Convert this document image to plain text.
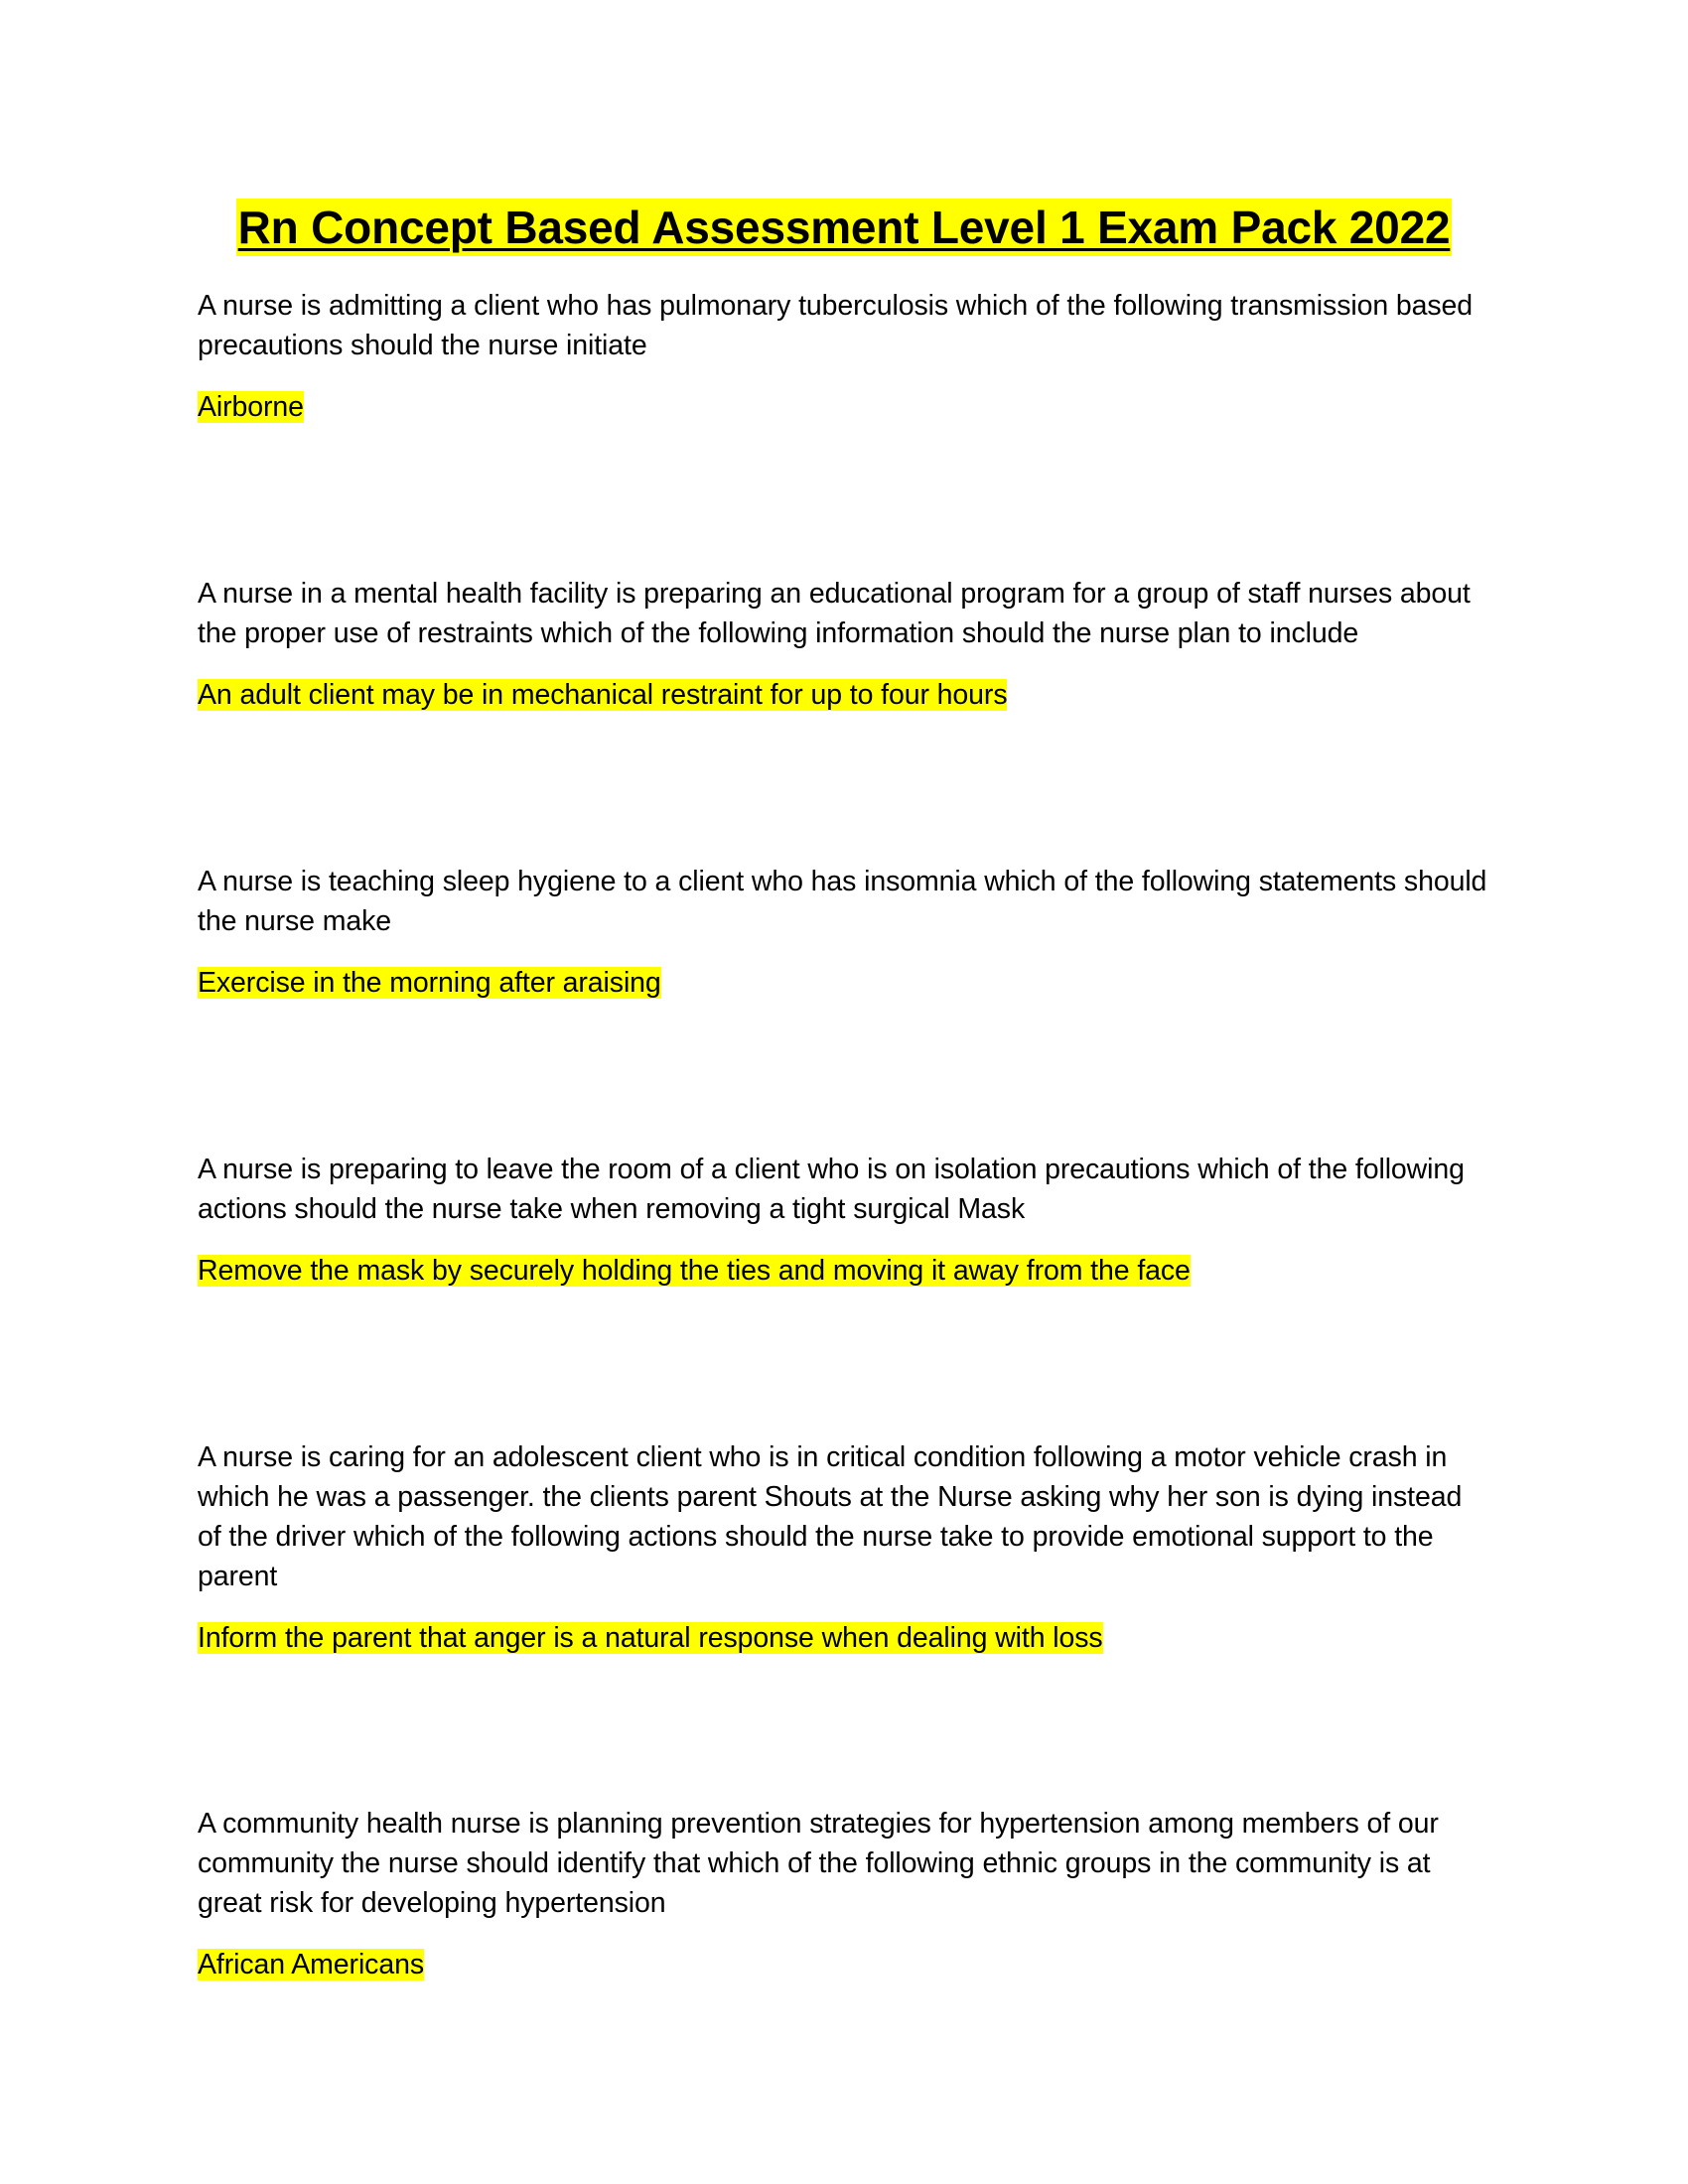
Rn Concept Based Assessment Level 1 Exam Pack 2022

A nurse is admitting a client who has pulmonary tuberculosis which of the following transmission based precautions should the nurse initiate

Airborne

A nurse in a mental health facility is preparing an educational program for a group of staff nurses about the proper use of restraints which of the following information should the nurse plan to include

An adult client may be in mechanical restraint for up to four hours

A nurse is teaching sleep hygiene to a client who has insomnia which of the following statements should the nurse make

Exercise in the morning after araising

A nurse is preparing to leave the room of a client who is on isolation precautions which of the following actions should the nurse take when removing a tight surgical Mask

Remove the mask by securely holding the ties and moving it away from the face

A nurse is caring for an adolescent client who is in critical condition following a motor vehicle crash in which he was a passenger. the clients parent Shouts at the Nurse asking why her son is dying instead of the driver which of the following actions should the nurse take to provide emotional support to the parent

Inform the parent that anger is a natural response when dealing with loss

A community health nurse is planning prevention strategies for hypertension among members of our community the nurse should identify that which of the following ethnic groups in the community is at great risk for developing hypertension

African Americans
